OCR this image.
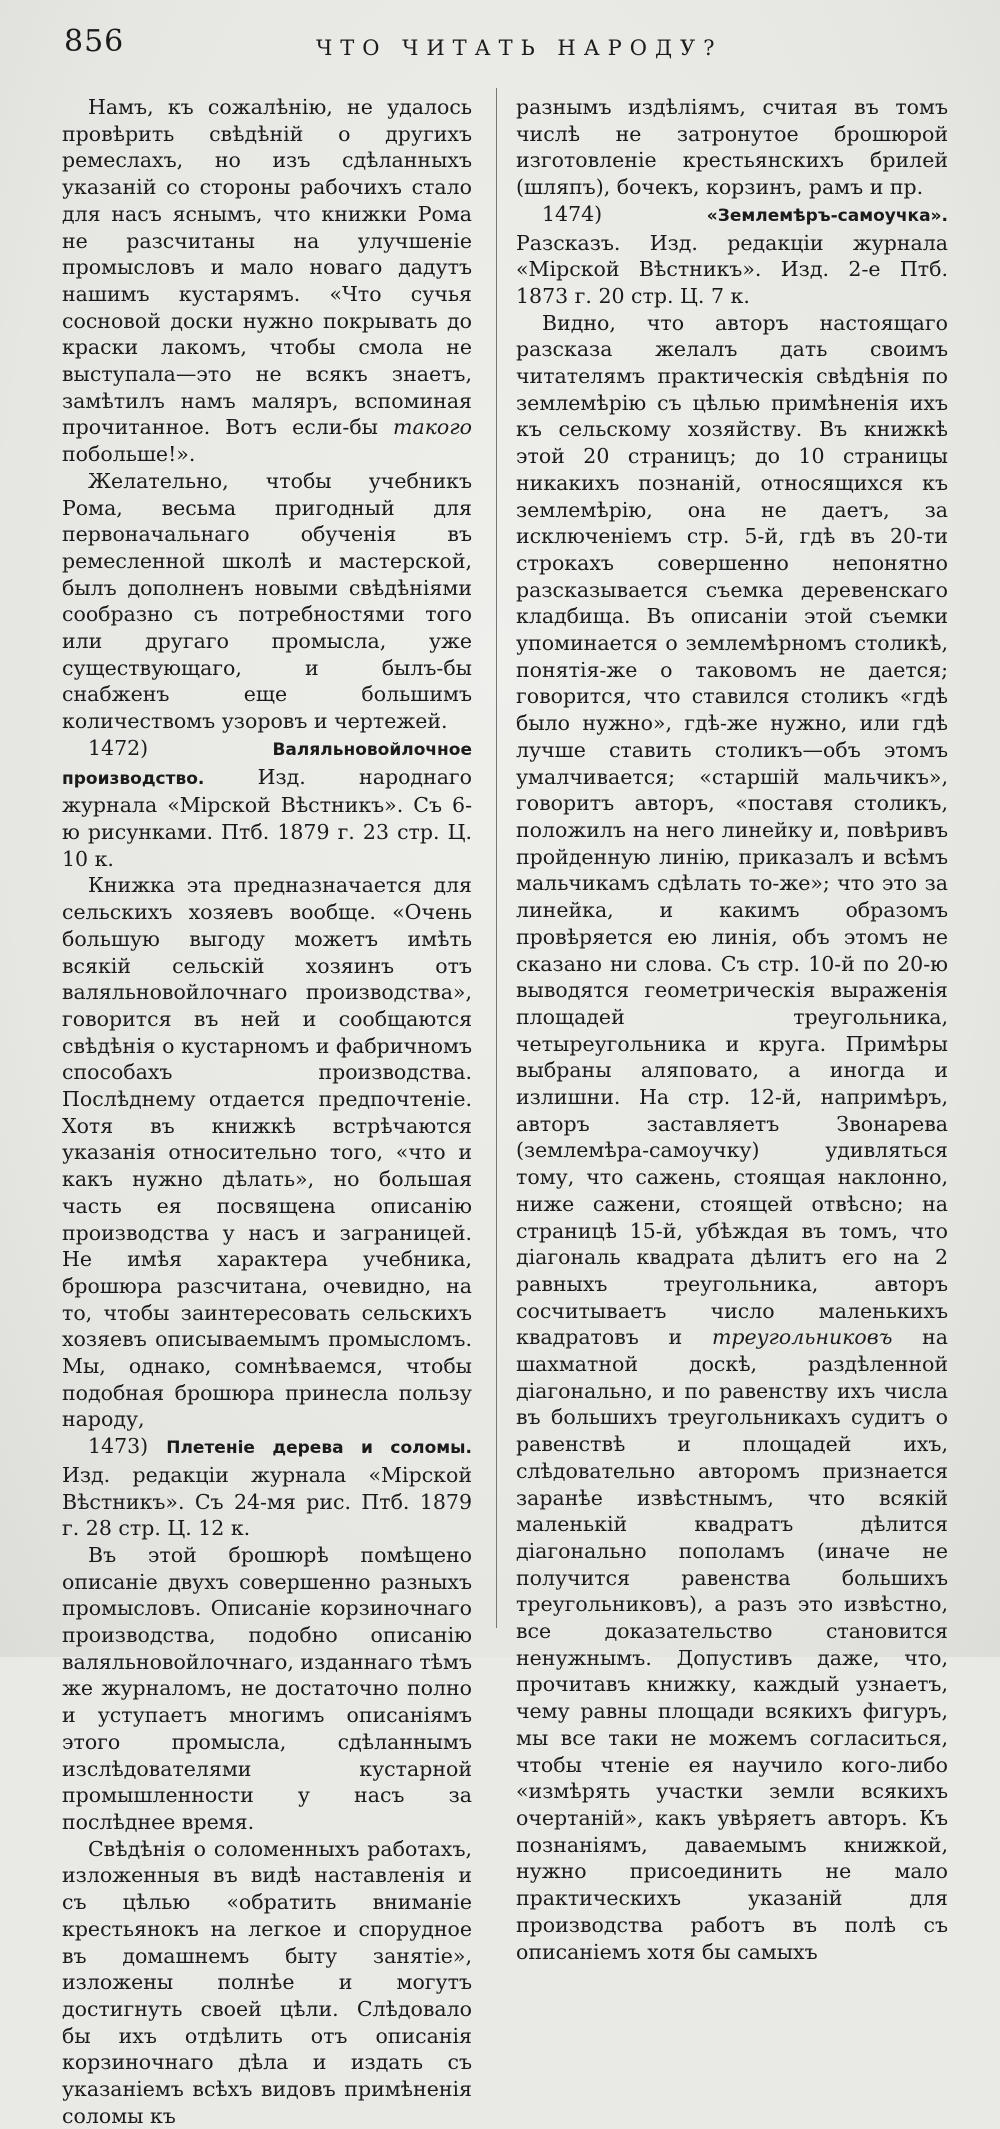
856	ЧТО ЧИТАТЬ НАРОДУ?

Намъ, къ сожалѣнію, не удалось провѣрить свѣдѣній о другихъ ремеслахъ, но изъ сдѣланныхъ указаній со стороны рабочихъ стало для насъ яснымъ, что книжки Рома не разсчитаны на улучшеніе промысловъ и мало новаго дадутъ нашимъ кустарямъ. «Что сучья сосновой доски нужно покрывать до краски лакомъ, чтобы смола не выступала—это не всякъ знаетъ, замѣтилъ намъ маляръ, вспоминая прочитанное. Вотъ если-бы такого побольше!».

Желательно, чтобы учебникъ Рома, весьма пригодный для первоначальнаго обученія въ ремесленной школѣ и мастерской, былъ дополненъ новыми свѣдѣніями сообразно съ потребностями того или другаго промысла, уже существующаго, и былъ-бы снабженъ еще большимъ количествомъ узоровъ и чертежей.

1472)	Валяльновойлочное производство.	Изд. народнаго журнала «Мірской Вѣстникъ». Съ 6-ю рисунками. Птб. 1879 г. 23 стр. Ц. 10 к.

Книжка эта предназначается для сельскихъ хозяевъ вообще. «Очень большую выгоду можетъ имѣть всякій сельскій хозяинъ отъ валяльновойлочнаго производства», говорится въ ней и сообщаются свѣдѣнія о кустарномъ и фабричномъ способахъ производства. Послѣднему отдается предпочтеніе. Хотя въ книжкѣ встрѣчаются указанія относительно того, «что и какъ нужно дѣлать», но большая часть ея посвящена описанію производства у насъ и заграницей. Не имѣя характера учебника, брошюра разсчитана, очевидно, на то, чтобы заинтересовать сельскихъ хозяевъ описываемымъ промысломъ. Мы, однако, сомнѣваемся, чтобы подобная брошюра принесла пользу народу,

1473) Плетеніе дерева и соломы. Изд. редакціи журнала «Мірской Вѣстникъ». Съ 24-мя рис. Птб. 1879 г. 28 стр. Ц. 12 к.

Въ этой брошюрѣ помѣщено описаніе двухъ совершенно разныхъ промысловъ. Описаніе корзиночнаго производства, подобно описанію валяльновойлочнаго, изданнаго тѣмъ же журналомъ, не достаточно полно и уступаетъ многимъ описаніямъ этого промысла, сдѣланнымъ изслѣдователями кустарной промышленности у насъ за послѣднее время.

Свѣдѣнія о соломенныхъ работахъ, изложенныя въ видѣ наставленія и съ цѣлью «обратить вниманіе крестьянокъ на легкое и спорудное въ домашнемъ быту занятіе», изложены полнѣе и могутъ достигнуть своей цѣли. Слѣдовало бы ихъ отдѣлить отъ описанія корзиночнаго дѣла и издать съ указаніемъ всѣхъ видовъ примѣненія соломы къ

разнымъ издѣліямъ, считая въ томъ числѣ не затронутое брошюрой изготовленіе крестьянскихъ брилей (шляпъ), бочекъ, корзинъ, рамъ и пр.

1474)	«Землемѣръ-самоучка». Разсказъ. Изд. редакціи журнала «Мірской Вѣстникъ». Изд. 2-е Птб. 1873 г. 20 стр. Ц. 7 к.

Видно, что авторъ настоящаго разсказа желалъ дать своимъ читателямъ практическія свѣдѣнія по землемѣрію съ цѣлью примѣненія ихъ къ сельскому хозяйству. Въ книжкѣ этой 20 страницъ; до 10 страницы никакихъ познаній, относящихся къ землемѣрію, она не даетъ, за исключеніемъ стр. 5-й, гдѣ въ 20-ти строкахъ совершенно непонятно разсказывается съемка деревенскаго кладбища. Въ описаніи этой съемки упоминается о землемѣрномъ столикѣ, понятія-же о таковомъ не дается; говорится, что ставился столикъ «гдѣ было нужно», гдѣ-же нужно, или гдѣ лучше ставить столикъ—объ этомъ умалчивается; «старшій мальчикъ», говоритъ авторъ, «поставя столикъ, положилъ на него линейку и, повѣривъ пройденную линію, приказалъ и всѣмъ мальчикамъ сдѣлать то-же»; что это за линейка, и какимъ образомъ провѣряется ею линія, объ этомъ не сказано ни слова. Съ стр. 10-й по 20-ю выводятся геометрическія выраженія площадей треугольника, четыреугольника и круга. Примѣры выбраны аляповато, а иногда и излишни. На стр. 12-й, напримѣръ, авторъ заставляетъ Звонарева (землемѣра-самоучку) удивляться тому, что сажень, стоящая наклонно, ниже сажени, стоящей отвѣсно; на страницѣ 15-й, убѣждая въ томъ, что діагональ квадрата дѣлитъ его на 2 равныхъ треугольника, авторъ сосчитываетъ число маленькихъ квадратовъ и треугольниковъ на шахматной доскѣ, раздѣленной діагонально, и по равенству ихъ числа въ большихъ треугольникахъ судитъ о равенствѣ и площадей ихъ, слѣдовательно авторомъ признается заранѣе извѣстнымъ, что всякій маленькій квадратъ дѣлится діагонально пополамъ (иначе не получится равенства большихъ треугольниковъ), а разъ это извѣстно, все доказательство становится ненужнымъ. Допустивъ даже, что, прочитавъ книжку, каждый узнаетъ, чему равны площади всякихъ фигуръ, мы все таки не можемъ согласиться, чтобы чтеніе ея научило кого-либо «измѣрять участки земли всякихъ очертаній», какъ увѣряетъ авторъ. Къ познаніямъ, даваемымъ книжкой, нужно присоединить не мало практическихъ указаній для производства работъ въ полѣ съ описаніемъ хотя бы самыхъ
